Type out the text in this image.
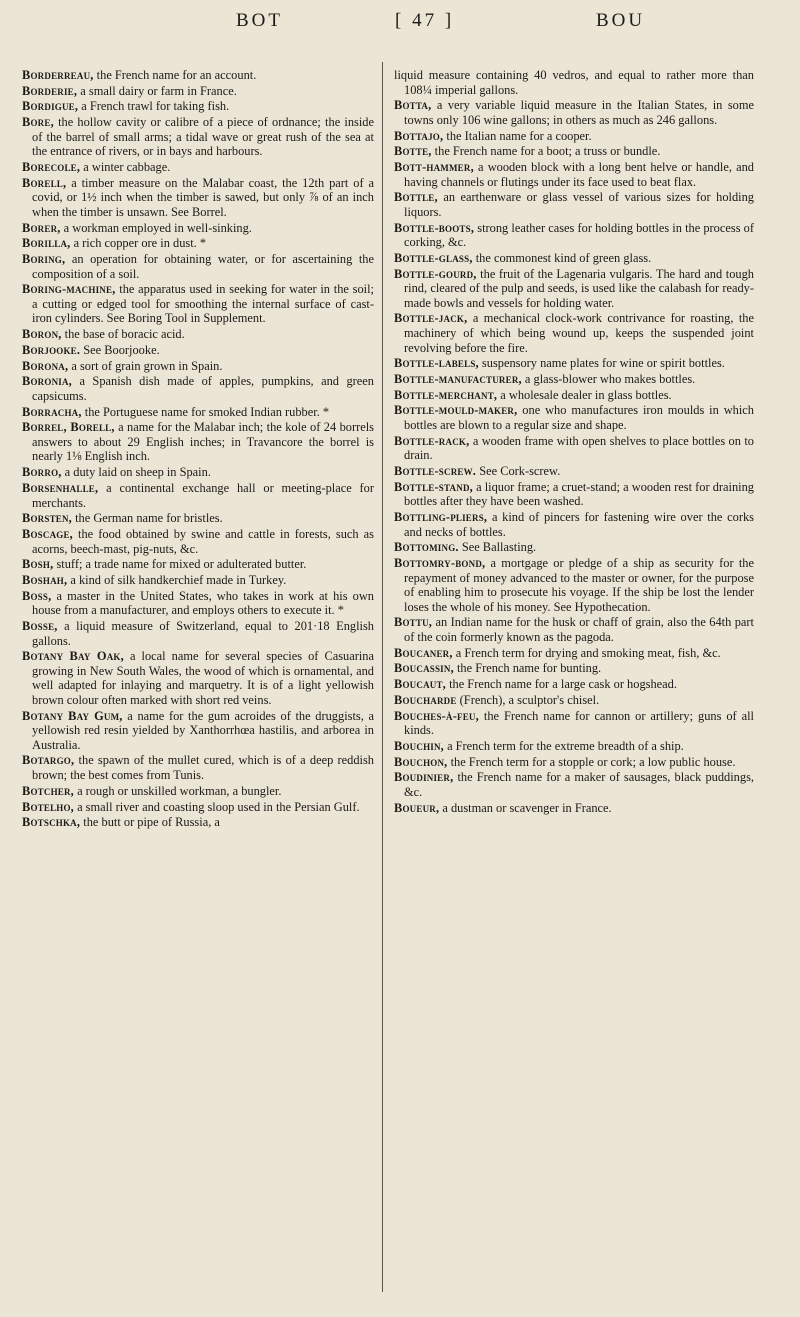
BOT	[ 47 ]	BOU

Borderreau, the French name for an account.

Borderie, a small dairy or farm in France.

Bordigue, a French trawl for taking fish.

Bore, the hollow cavity or calibre of a piece of ordnance; the inside of the barrel of small arms; a tidal wave or great rush of the sea at the entrance of rivers, or in bays and harbours.

Borecole, a winter cabbage.

Borell, a timber measure on the Malabar coast, the 12th part of a covid, or 1½ inch when the timber is sawed, but only ⅞ of an inch when the timber is unsawn. See Borrel.

Borer, a workman employed in well-sinking.

Borilla, a rich copper ore in dust. *

Boring, an operation for obtaining water, or for ascertaining the composition of a soil.

Boring-machine, the apparatus used in seeking for water in the soil; a cutting or edged tool for smoothing the internal surface of cast-iron cylinders. See Boring Tool in Supplement.

Boron, the base of boracic acid.

Borjooke. See Boorjooke.

Borona, a sort of grain grown in Spain.

Boronia, a Spanish dish made of apples, pumpkins, and green capsicums.

Borracha, the Portuguese name for smoked Indian rubber. *

Borrel, Borell, a name for the Malabar inch; the kole of 24 borrels answers to about 29 English inches; in Travancore the borrel is nearly 1⅛ English inch.

Borro, a duty laid on sheep in Spain.

Borsenhalle, a continental exchange hall or meeting-place for merchants.

Borsten, the German name for bristles.

Boscage, the food obtained by swine and cattle in forests, such as acorns, beech-mast, pig-nuts, &c.

Bosh, stuff; a trade name for mixed or adulterated butter.

Boshah, a kind of silk handkerchief made in Turkey.

Boss, a master in the United States, who takes in work at his own house from a manufacturer, and employs others to execute it. *

Bosse, a liquid measure of Switzerland, equal to 201·18 English gallons.

Botany Bay Oak, a local name for several species of Casuarina growing in New South Wales, the wood of which is ornamental, and well adapted for inlaying and marquetry. It is of a light yellowish brown colour often marked with short red veins.

Botany Bay Gum, a name for the gum acroides of the druggists, a yellowish red resin yielded by Xanthorrhœa hastilis, and arborea in Australia.

Botargo, the spawn of the mullet cured, which is of a deep reddish brown; the best comes from Tunis.

Botcher, a rough or unskilled workman, a bungler.

Botelho, a small river and coasting sloop used in the Persian Gulf.

Botschka, the butt or pipe of Russia, a

liquid measure containing 40 vedros, and equal to rather more than 108¼ imperial gallons.

Botta, a very variable liquid measure in the Italian States, in some towns only 106 wine gallons; in others as much as 246 gallons.

Bottajo, the Italian name for a cooper.

Botte, the French name for a boot; a truss or bundle.

Bott-hammer, a wooden block with a long bent helve or handle, and having channels or flutings under its face used to beat flax.

Bottle, an earthenware or glass vessel of various sizes for holding liquors.

Bottle-boots, strong leather cases for holding bottles in the process of corking, &c.

Bottle-glass, the commonest kind of green glass.

Bottle-gourd, the fruit of the Lagenaria vulgaris. The hard and tough rind, cleared of the pulp and seeds, is used like the calabash for ready-made bowls and vessels for holding water.

Bottle-jack, a mechanical clock-work contrivance for roasting, the machinery of which being wound up, keeps the suspended joint revolving before the fire.

Bottle-labels, suspensory name plates for wine or spirit bottles.

Bottle-manufacturer, a glass-blower who makes bottles.

Bottle-merchant, a wholesale dealer in glass bottles.

Bottle-mould-maker, one who manufactures iron moulds in which bottles are blown to a regular size and shape.

Bottle-rack, a wooden frame with open shelves to place bottles on to drain.

Bottle-screw. See Cork-screw.

Bottle-stand, a liquor frame; a cruet-stand; a wooden rest for draining bottles after they have been washed.

Bottling-pliers, a kind of pincers for fastening wire over the corks and necks of bottles.

Bottoming. See Ballasting.

Bottomry-bond, a mortgage or pledge of a ship as security for the repayment of money advanced to the master or owner, for the purpose of enabling him to prosecute his voyage. If the ship be lost the lender loses the whole of his money. See Hypothecation.

Bottu, an Indian name for the husk or chaff of grain, also the 64th part of the coin formerly known as the pagoda.

Boucaner, a French term for drying and smoking meat, fish, &c.

Boucassin, the French name for bunting.

Boucaut, the French name for a large cask or hogshead.

Bouchardе (French), a sculptor's chisel.

Bouches-à-feu, the French name for cannon or artillery; guns of all kinds.

Bouchin, a French term for the extreme breadth of a ship.

Bouchon, the French term for a stopple or cork; a low public house.

Boudinier, the French name for a maker of sausages, black puddings, &c.

Boueur, a dustman or scavenger in France.
